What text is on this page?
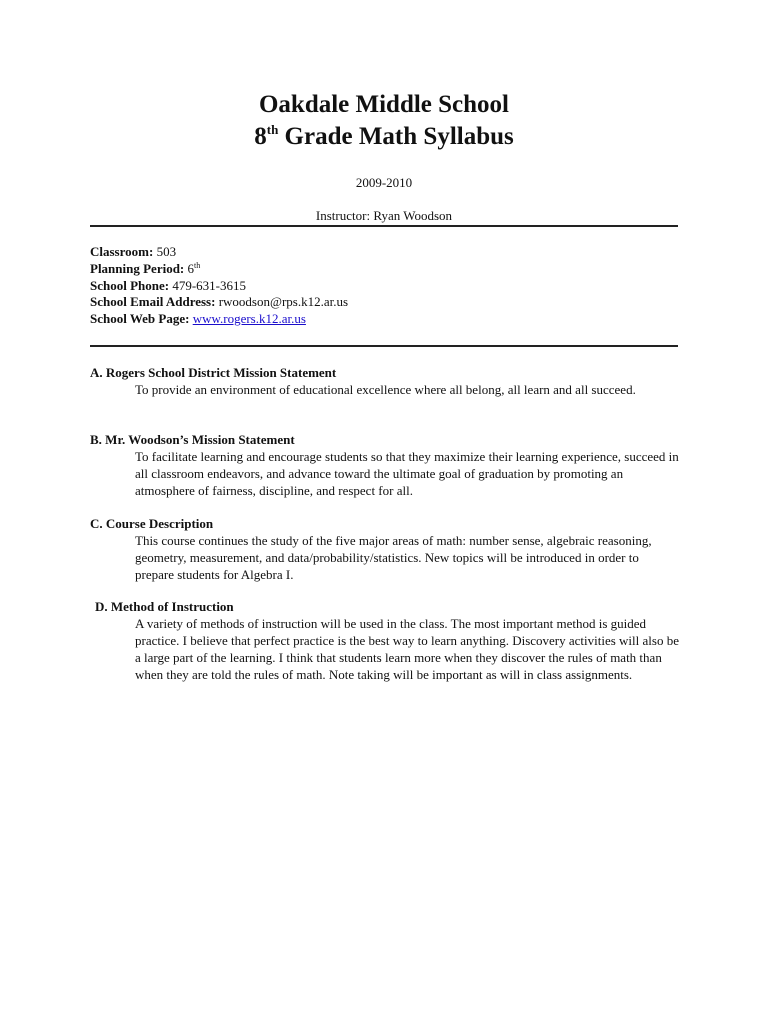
Oakdale Middle School
8th Grade Math Syllabus
2009-2010
Instructor: Ryan Woodson
Classroom: 503
Planning Period: 6th
School Phone: 479-631-3615
School Email Address: rwoodson@rps.k12.ar.us
School Web Page: www.rogers.k12.ar.us
A. Rogers School District Mission Statement
To provide an environment of educational excellence where all belong, all learn and all succeed.
B. Mr. Woodson’s Mission Statement
To facilitate learning and encourage students so that they maximize their learning experience, succeed in all classroom endeavors, and advance toward the ultimate goal of graduation by promoting an atmosphere of fairness, discipline, and respect for all.
C. Course Description
This course continues the study of the five major areas of math: number sense, algebraic reasoning, geometry, measurement, and data/probability/statistics. New topics will be introduced in order to prepare students for Algebra I.
D. Method of Instruction
A variety of methods of instruction will be used in the class. The most important method is guided practice. I believe that perfect practice is the best way to learn anything. Discovery activities will also be a large part of the learning. I think that students learn more when they discover the rules of math than when they are told the rules of math. Note taking will be important as will in class assignments.
